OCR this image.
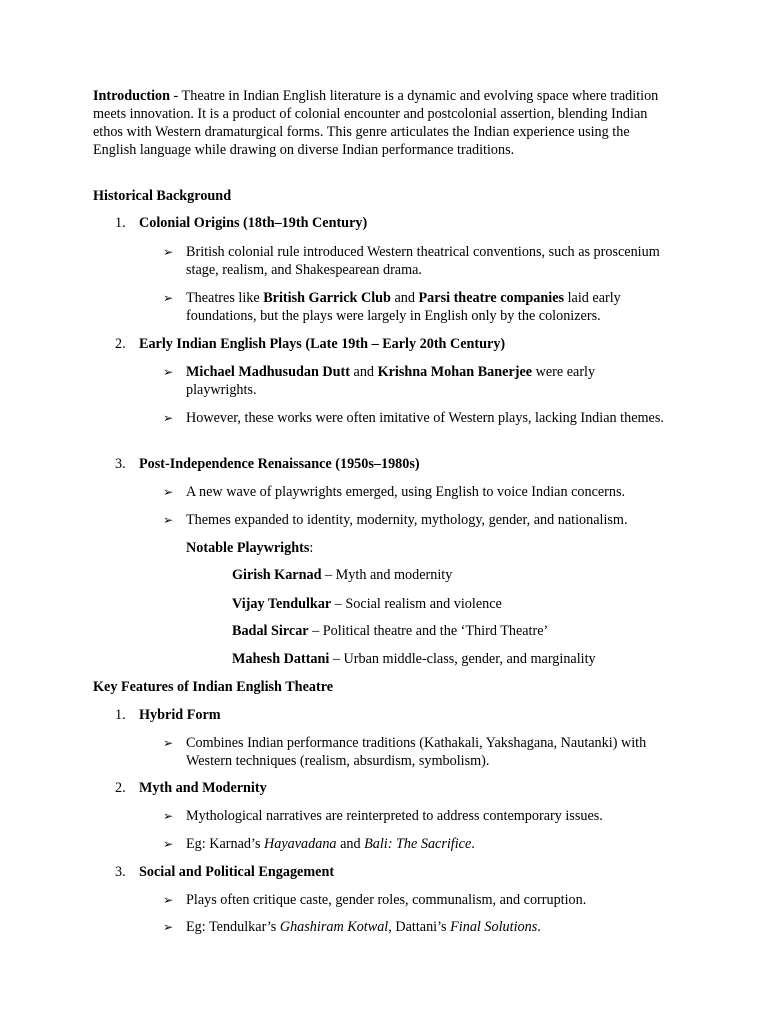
Introduction - Theatre in Indian English literature is a dynamic and evolving space where tradition meets innovation. It is a product of colonial encounter and postcolonial assertion, blending Indian ethos with Western dramaturgical forms. This genre articulates the Indian experience using the English language while drawing on diverse Indian performance traditions.

Historical Background

1. Colonial Origins (18th–19th Century)

➢ British colonial rule introduced Western theatrical conventions, such as proscenium stage, realism, and Shakespearean drama.

➢ Theatres like British Garrick Club and Parsi theatre companies laid early foundations, but the plays were largely in English only by the colonizers.

2. Early Indian English Plays (Late 19th – Early 20th Century)

➢ Michael Madhusudan Dutt and Krishna Mohan Banerjee were early playwrights.

➢ However, these works were often imitative of Western plays, lacking Indian themes.

3. Post-Independence Renaissance (1950s–1980s)

➢ A new wave of playwrights emerged, using English to voice Indian concerns.

➢ Themes expanded to identity, modernity, mythology, gender, and nationalism.

Notable Playwrights:

Girish Karnad – Myth and modernity

Vijay Tendulkar – Social realism and violence

Badal Sircar – Political theatre and the ‘Third Theatre’

Mahesh Dattani – Urban middle-class, gender, and marginality

Key Features of Indian English Theatre

1. Hybrid Form

➢ Combines Indian performance traditions (Kathakali, Yakshagana, Nautanki) with Western techniques (realism, absurdism, symbolism).

2. Myth and Modernity

➢ Mythological narratives are reinterpreted to address contemporary issues.

➢ Eg: Karnad’s Hayavadana and Bali: The Sacrifice.

3. Social and Political Engagement

➢ Plays often critique caste, gender roles, communalism, and corruption.

➢ Eg: Tendulkar’s Ghashiram Kotwal, Dattani’s Final Solutions.
